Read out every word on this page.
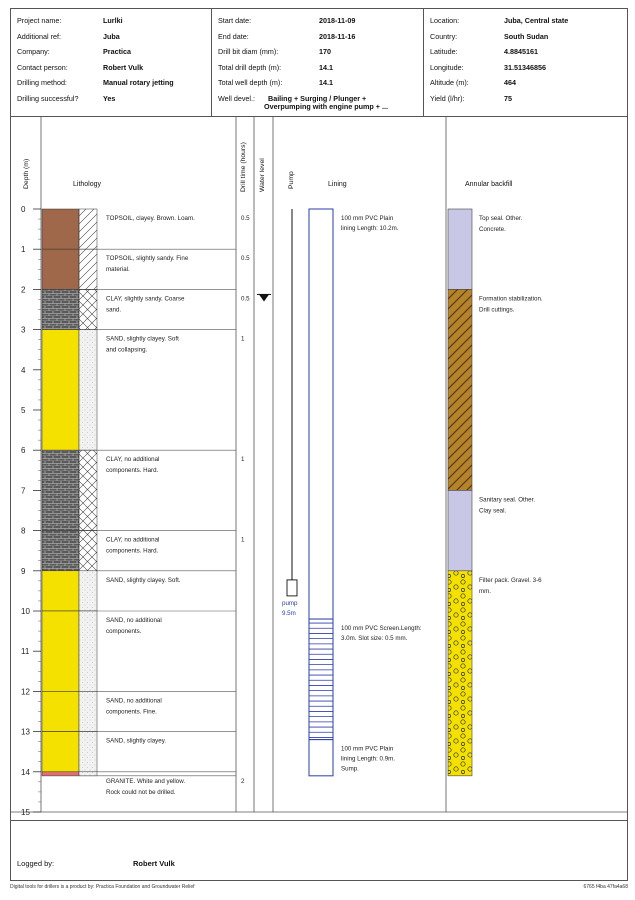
Project name:	Lurlki
Additional ref:	Juba
Company:	Practica
Contact person:	Robert Vulk
Drilling method:	Manual rotary jetting
Drilling successful?	Yes
Start date:	2018-11-09
End date:	2018-11-16
Drill bit diam (mm):	170
Total drill depth (m):	14.1
Total well depth (m):	14.1
Well devel.: Bailing + Surging / Plunger +
Overpumping with engine pump + ...
Location:	Juba, Central state
Country:	South Sudan
Latitude:	4.8845161
Longitude:	31.51346856
Altitude (m):	464
Yield (l/hr):	75
0
1
2
3
4
5
6
7
8
9
10
11
12
13
14
15
TOPSOIL, clayey. Brown. Loam.	0.5
TOPSOIL, slightly sandy. Fine
material.
0.5
CLAY, slightly sandy. Coarse
sand.
0.5
SAND, slightly clayey. Soft
and collapsing.
1
CLAY, no additional
components. Hard.
1
CLAY, no additional
components. Hard.
1
SAND, slightly clayey. Soft.
SAND, no additional
components.
SAND, no additional
components. Fine.
SAND, slightly clayey.
GRANITE. White and yellow.
Rock could not be drilled.
2
pump
9.5m
100 mm PVC Plain
lining Length: 10.2m.
100 mm PVC Screen.Length:
3.0m. Slot size: 0.5 mm.
100 mm PVC Plain
lining Length: 0.9m.
Sump.
Top seal. Other.
Concrete.
Formation stabilization.
Drill cuttings.
Sanitary seal. Other.
Clay seal.
Filter pack. Gravel. 3-6
mm.
Depth (m)	Lithology	Drill time (hours) Water level	Pump	Lining	Annular backfill
Logged by:	Robert Vulk
Digital tools for drillers is a product by: Practica Foundation and Groundwater Relief	6765 f4ba 47fa4a68
